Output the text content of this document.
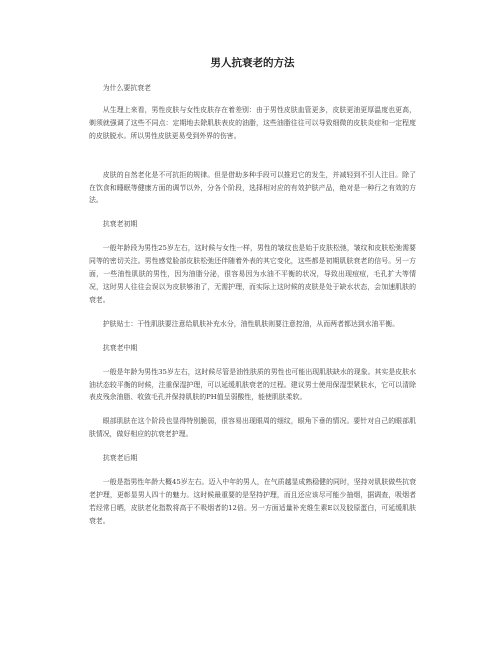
男人抗衰老的方法
为什么要抗衰老

从生理上来看，男性皮肤与女性皮肤存在着差别：由于男性皮肤血管更多，皮肤更油更厚温度也更高，剃须就强调了这些不同点：定期地去除肌肤表皮的油脂，这些油脂往往可以导致细微的皮肤炎症和一定程度的皮肤脱水。所以男性皮肤更易受到外界的伤害。

皮肤的自然老化是不可抗拒的规律。但是借助多种手段可以推迟它的发生，并减轻到不引人注目。除了在饮食和睡眠等健康方面的调节以外，分各个阶段，选择相对应的有效护肤产品，绝对是一种行之有效的方法。

抗衰老初期

一般年龄段为男性25岁左右，这时候与女性一样，男性的皱纹也是始于皮肤松弛，皱纹和皮肤松弛需要同等的密切关注。男性感觉脸部皮肤松弛还伴随着外表的其它变化，这些都是初期肌肤衰老的信号。另一方面，一些油性肌肤的男性，因为油脂分泌，很容易因为水油不平衡的状况，导致出现痘痘，毛孔扩大等情况，这时男人往往会误以为皮肤够油了，无需护理，而实际上这时候的皮肤是处于缺水状态，会加速肌肤的衰老。

护肤贴士：干性肌肤要注意给肌肤补充水分，油性肌肤则要注意控油，从而两者都达到水油平衡。

抗衰老中期

一般是年龄为男性35岁左右，这时候尽管是油性肤质的男性也可能出现肌肤缺水的现象。其实是皮肤水油状态较平衡的时候，注重保湿护理，可以延缓肌肤衰老的过程。建议男士使用保湿型紧肤水，它可以清除表皮残余油脂、收敛毛孔并保持肌肤的PH值呈弱酸性，能使肌肤柔软。

眼部肌肤在这个阶段也显得特别脆弱，很容易出现眼周的细纹，眼角下垂的情况。要针对自己的眼部肌肤情况，做好相应的抗衰老护理。

抗衰老后期

一般是指男性年龄大概45岁左右。迈入中年的男人，在气质越显成熟稳健的同时，坚持对肌肤做些抗衰老护理，更彰显男人四十的魅力。这时候最重要的是坚持护理，而且还应该尽可能少抽烟，据调查，吸烟者若经常日晒，皮肤老化指数将高于不吸烟者的12倍。另一方面适量补充维生素E以及胶原蛋白，可延缓肌肤衰老。
